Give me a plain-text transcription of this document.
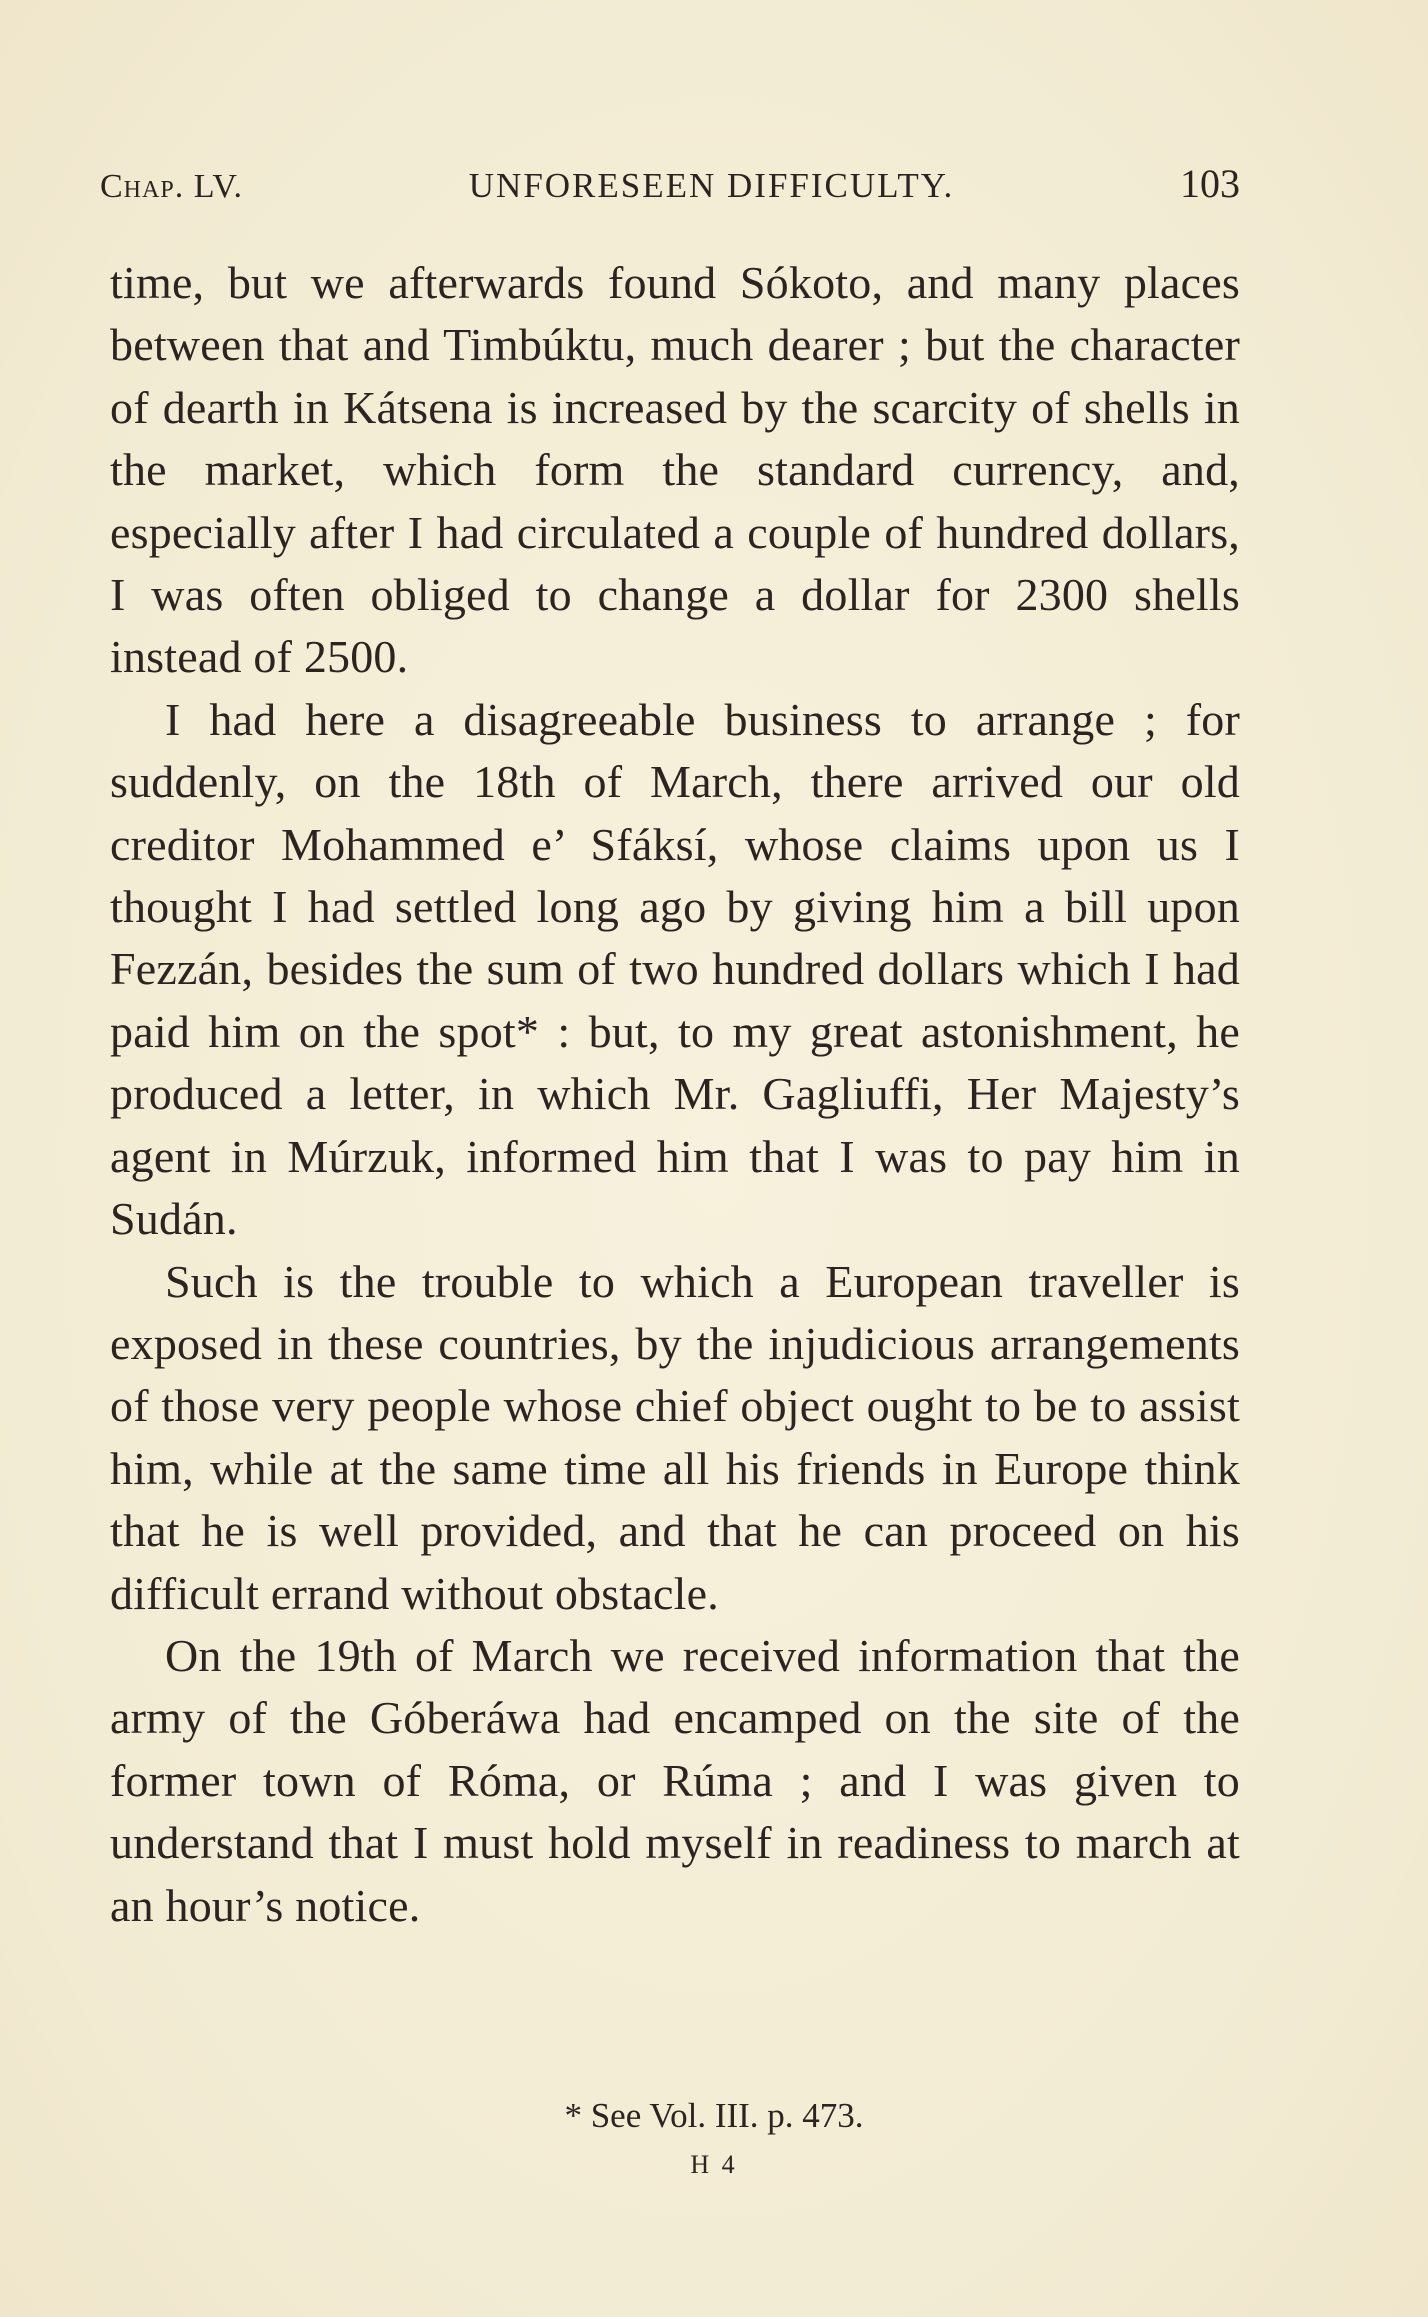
Chap. LV.	UNFORESEEN DIFFICULTY.	103

time, but we afterwards found Sókoto, and many places between that and Timbúktu, much dearer ; but the character of dearth in Kátsena is increased by the scarcity of shells in the market, which form the standard currency, and, especially after I had circulated a couple of hundred dollars, I was often obliged to change a dollar for 2300 shells instead of 2500.

I had here a disagreeable business to arrange ; for suddenly, on the 18th of March, there arrived our old creditor Mohammed e’ Sfáksí, whose claims upon us I thought I had settled long ago by giving him a bill upon Fezzán, besides the sum of two hundred dollars which I had paid him on the spot* : but, to my great astonishment, he produced a letter, in which Mr. Gagliuffi, Her Majesty’s agent in Múrzuk, informed him that I was to pay him in Sudán.

Such is the trouble to which a European traveller is exposed in these countries, by the injudicious arrangements of those very people whose chief object ought to be to assist him, while at the same time all his friends in Europe think that he is well provided, and that he can proceed on his difficult errand without obstacle.

On the 19th of March we received information that the army of the Góberáwa had encamped on the site of the former town of Róma, or Rúma ; and I was given to understand that I must hold myself in readiness to march at an hour’s notice.

* See Vol. III. p. 473.
H 4
